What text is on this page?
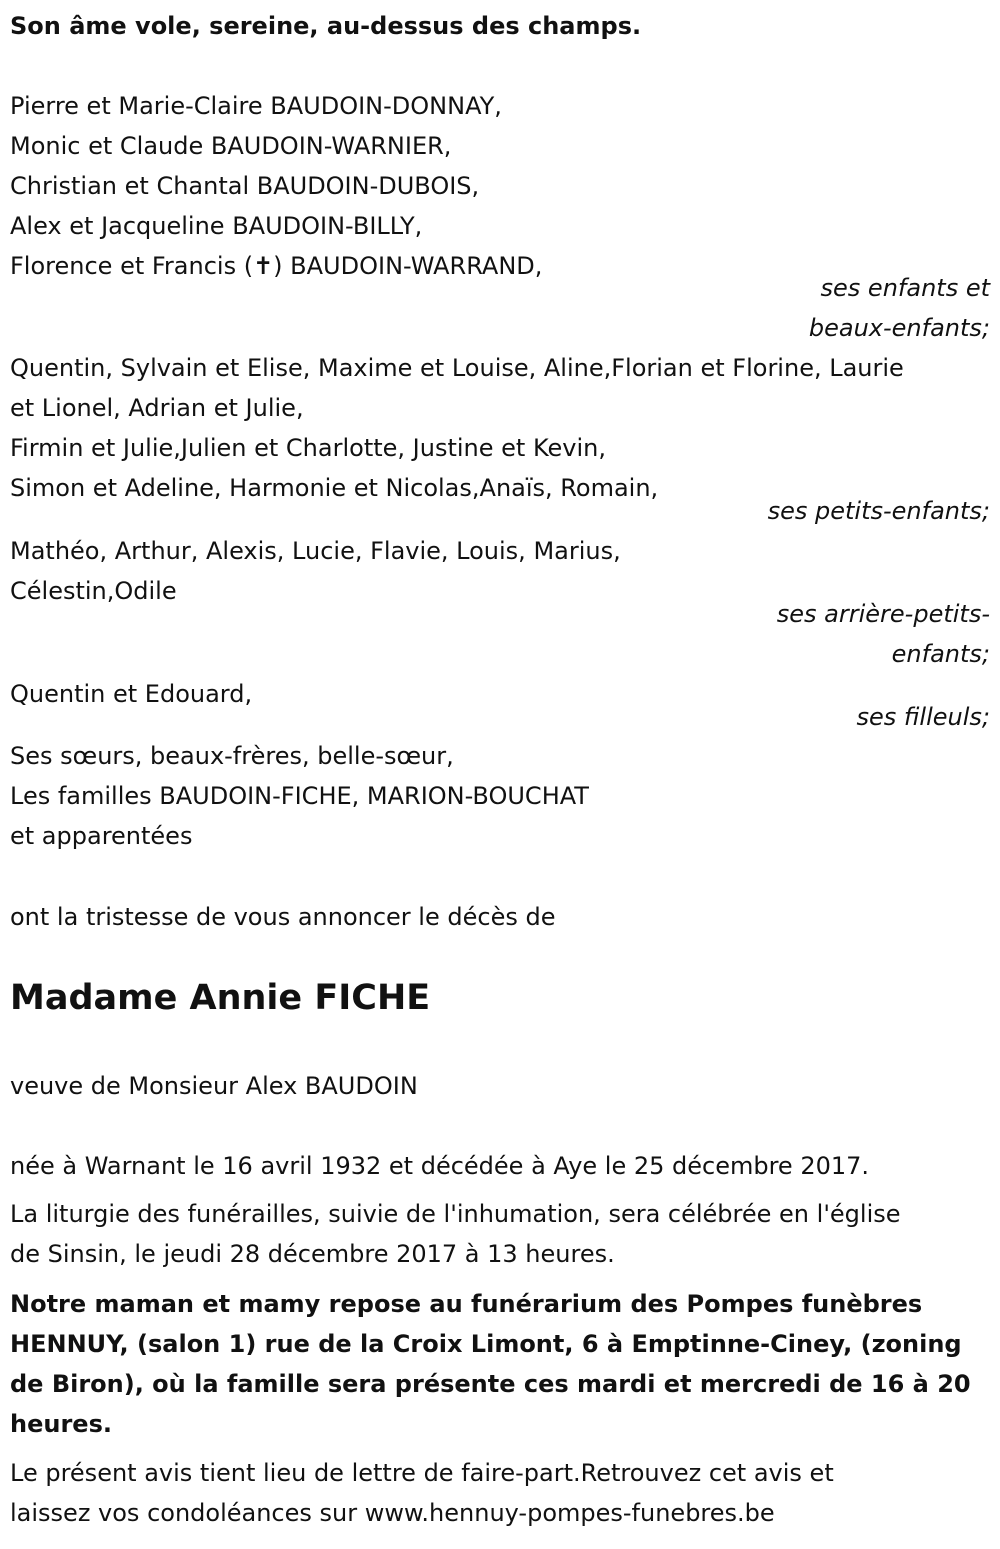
Son âme vole, sereine, au-dessus des champs.
Pierre et Marie-Claire BAUDOIN-DONNAY,
Monic et Claude BAUDOIN-WARNIER,
Christian et Chantal BAUDOIN-DUBOIS,
Alex et Jacqueline BAUDOIN-BILLY,
Florence et Francis (✝) BAUDOIN-WARRAND,
ses enfants et
beaux-enfants;
Quentin, Sylvain et Elise, Maxime et Louise, Aline,Florian et Florine, Laurie
et Lionel, Adrian et Julie,
Firmin et Julie,Julien et Charlotte, Justine et Kevin,
Simon et Adeline, Harmonie et Nicolas,Anaïs, Romain,
ses petits-enfants;
Mathéo, Arthur, Alexis, Lucie, Flavie, Louis, Marius,
Célestin,Odile
ses arrière-petits-
enfants;
Quentin et Edouard,
ses filleuls;
Ses sœurs, beaux-frères, belle-sœur,
Les familles BAUDOIN-FICHE, MARION-BOUCHAT
et apparentées
ont la tristesse de vous annoncer le décès de
Madame Annie FICHE
veuve de Monsieur Alex BAUDOIN
née à Warnant le 16 avril 1932 et décédée à Aye le 25 décembre 2017.
La liturgie des funérailles, suivie de l'inhumation, sera célébrée en l'église
de Sinsin, le jeudi 28 décembre 2017 à 13 heures.
Notre maman et mamy repose au funérarium des Pompes funèbres
HENNUY, (salon 1) rue de la Croix Limont, 6 à Emptinne-Ciney, (zoning
de Biron), où la famille sera présente ces mardi et mercredi de 16 à 20
heures.
Le présent avis tient lieu de lettre de faire-part.Retrouvez cet avis et
laissez vos condoléances sur www.hennuy-pompes-funebres.be
